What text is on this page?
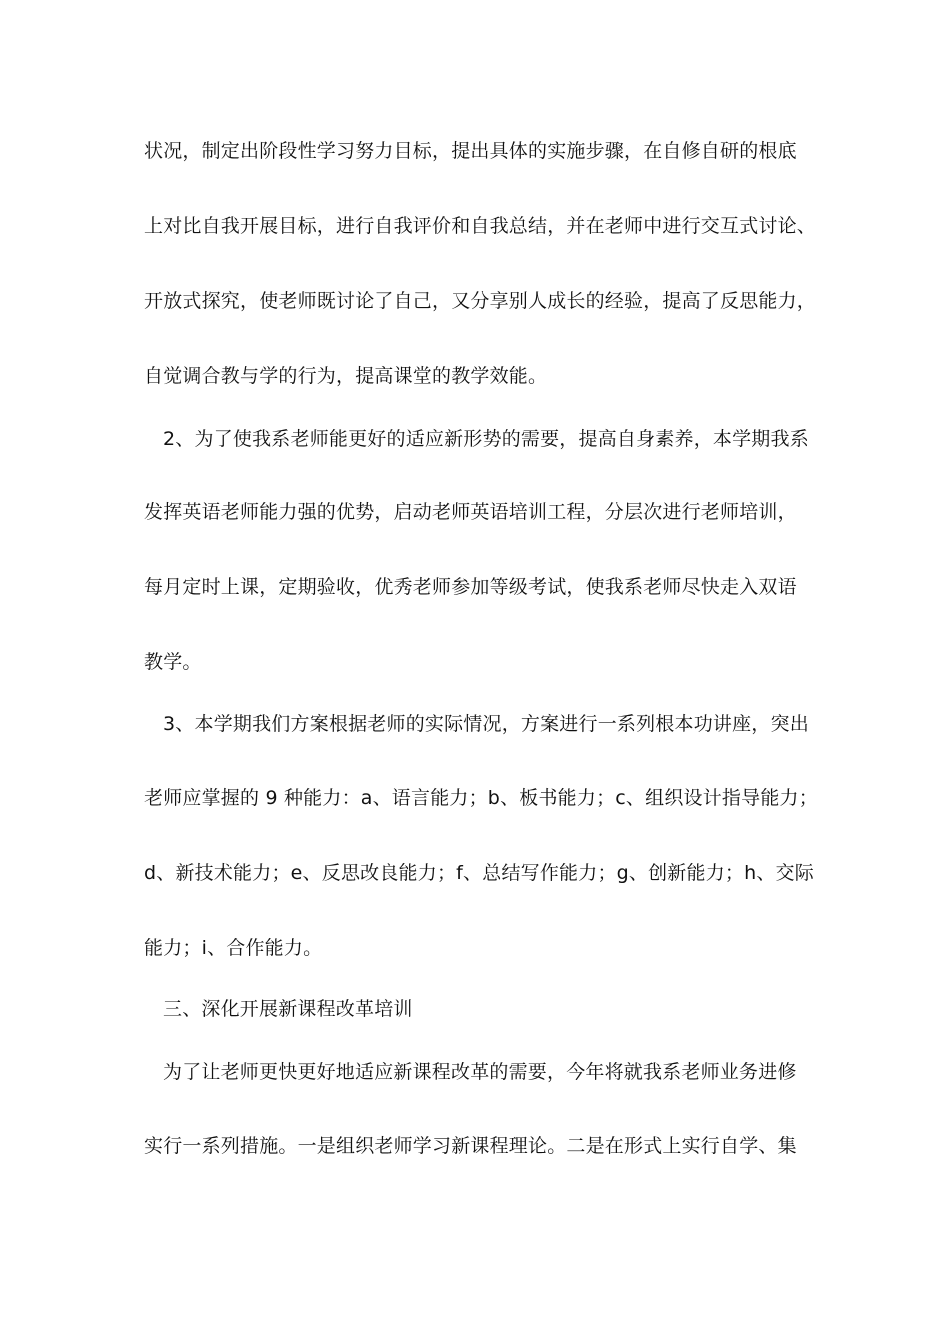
状况，制定出阶段性学习努力目标，提出具体的实施步骤，在自修自研的根底
上对比自我开展目标，进行自我评价和自我总结，并在老师中进行交互式讨论、
开放式探究，使老师既讨论了自己，又分享别人成长的经验，提高了反思能力，
自觉调合教与学的行为，提高课堂的教学效能。
2、为了使我系老师能更好的适应新形势的需要，提高自身素养，本学期我系
发挥英语老师能力强的优势，启动老师英语培训工程，分层次进行老师培训，
每月定时上课，定期验收，优秀老师参加等级考试，使我系老师尽快走入双语
教学。
3、本学期我们方案根据老师的实际情况，方案进行一系列根本功讲座，突出
老师应掌握的 9 种能力：a、语言能力；b、板书能力；c、组织设计指导能力；
d、新技术能力；e、反思改良能力；f、总结写作能力；g、创新能力；h、交际
能力；i、合作能力。
三、深化开展新课程改革培训
为了让老师更快更好地适应新课程改革的需要，今年将就我系老师业务进修
实行一系列措施。一是组织老师学习新课程理论。二是在形式上实行自学、集
